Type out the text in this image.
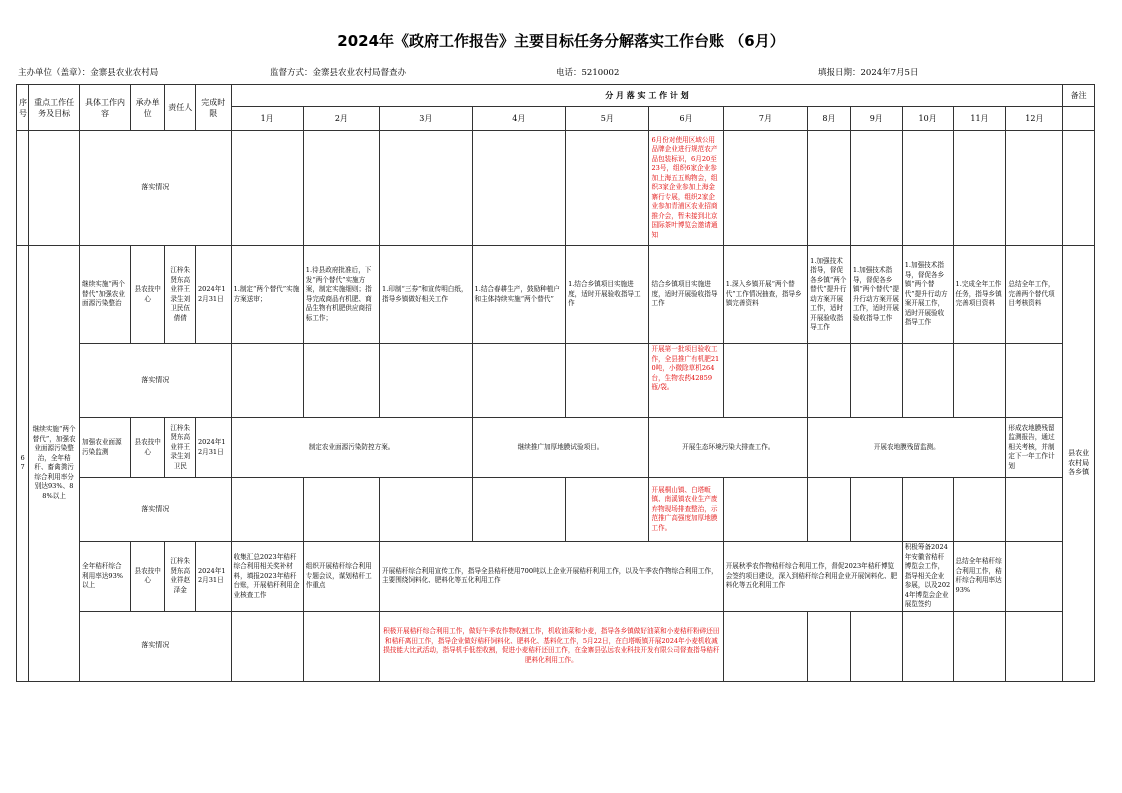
2024年《政府工作报告》主要目标任务分解落实工作台账 （6月）
主办单位（盖章）：金寨县农业农村局	监督方式：金寨县农业农村局督查办	电话：5210002	填报日期：2024年7月5日
序号	重点工作任务及目标	具体工作内容	承办单位	责任人	完成时限	分 月 落 实 工 作 计 划												备注
						1月	2月	3月	4月	5月	6月	7月	8月	9月	10月	11月	12月	
		落实情况									6月份对使用区域公用品牌企业进行规范农产品包装标识，6月20至23号，组织6家企业参加上海五五购物会，组织3家企业参加上海金寨行专展，组织2家企业参加青浦区农业招商推介会，暂未接到北京国际茶叶博览会邀请通知							
67	继续实施“两个替代”，加强农业面源污染整治，全年秸秆、畜禽粪污综合利用率分别达93%、88%以上	继续实施“两个替代”加强农业面源污染整治	县农技中心	江梓朱贤东高业祥王录生刘卫民伍倩倩	2024年12月31日	1.制定“两个替代”实施方案送审；	1.待县政府批准后，下发“两个替代”实施方案，制定实施细则；指导完成商品有机肥、商品生物有机肥供应商招标工作；	1.印制“三券”和宣传明白纸，指导乡镇做好相关工作	1.结合春耕生产，鼓励种植户和主体持续实施“两个替代”	1.结合乡镇项目实施进度，适时开展验收指导工作	结合乡镇项目实施进度，适时开展验收指导工作	1.深入乡镇开展“两个替代”工作情况抽查，指导乡镇完善资料	1.加强技术指导，督促各乡镇“两个替代”提升行动方案开展工作，适时开展验收指导工作	1.加强技术指导，督促各乡镇“两个替代”提升行动方案开展工作，适时开展验收指导工作	1.加强技术指导，督促各乡镇“两个替代”提升行动方案开展工作，适时开展验收指导工作	1.完成全年工作任务，指导乡镇完善项目资料	总结全年工作，完善两个替代项目考核资料	县农业农村局各乡镇
		落实情况									开展第一批项目验收工作，全县推广有机肥210吨，小微除草机264台，生物农药42859瓶/袋。							
		加强农业面源污染监测	县农技中心	江梓朱贤东高业祥王录生刘卫民	2024年12月31日	制定农业面源污染防控方案。			继续推广加厚地膜试验项目。		开展生态环境污染大排查工作。		开展农地膜残留监测。				形成农地膜残留监测报告，通过相关考核，并制定下一年工作计划	
		落实情况									开展桐山镇、白塔畈镇、南溪镇农业生产废弃物现场排查整治，示范推广高强度加厚地膜工作。							
		全年秸秆综合利用率达93%以上	县农技中心	江梓朱贤东高业祥赵泽金	2024年12月31日	收集汇总2023年秸秆综合利用相关奖补材料，填报2023年秸秆台账，开展秸秆利用企业核查工作	组织开展秸秆综合利用专题会议，谋划秸秆工作重点	开展秸秆综合利用宣传工作，指导全县秸秆使用700吨以上企业开展秸秆利用工作，以及午季农作物综合利用工作，主要围绕饲料化、肥料化等五化利用工作				开展秋季农作物秸秆综合利用工作，督促2023年秸秆博览会签约项目建设，深入到秸秆综合利用企业开展饲料化、肥料化等五化利用工作			积极筹备2024年安徽省秸秆博览会工作，指导相关企业参展，以及2024年博览会企业展览签约	总结全年秸秆综合利用工作，秸秆综合利用率达93%		
		落实情况						积极开展秸秆综合利用工作，做好午季农作物收割工作，机收油菜和小麦，指导各乡镇做好油菜和小麦秸秆粉碎还田和秸秆离田工作，指导企业做好秸秆饲料化、肥料化、基料化工作，5月22日，在白塔畈镇开展2024年小麦机收减损技能大比武活动，指导机手低茬收割，促进小麦秸秆还田工作，在金寨县弘远农业科技开发有限公司督查指导秸秆肥料化利用工作。										
